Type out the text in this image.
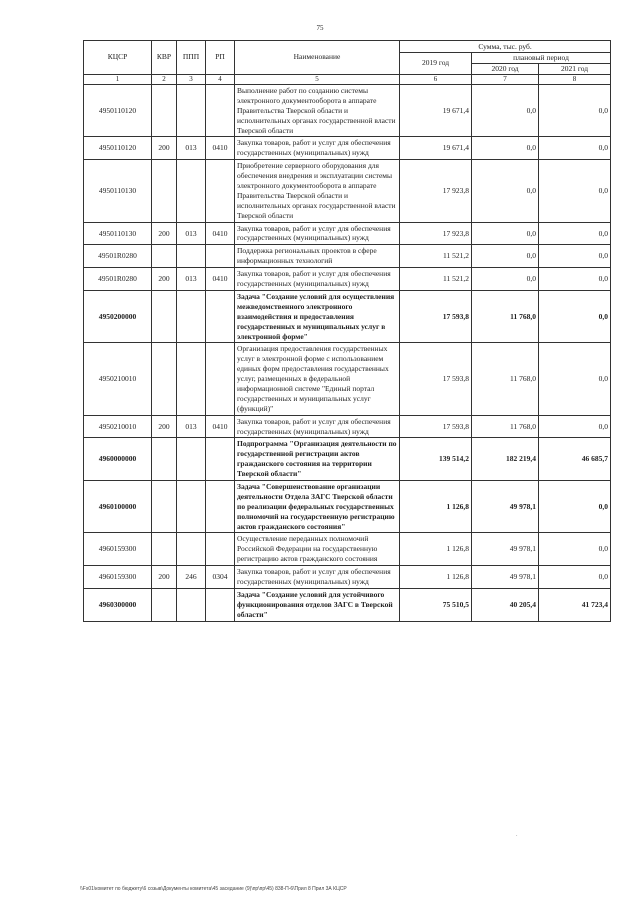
75
КЦСР	КВР	ППП	РП	Наименование	Сумма, тыс. руб.		
					2019 год	плановый период	
						2020 год	2021 год
1	2	3	4	5	6	7	8
4950110120				Выполнение работ по созданию системы электронного документооборота в аппарате Правительства Тверской области и исполнительных органах государственной власти Тверской области	19 671,4	0,0	0,0
4950110120	200	013	0410	Закупка товаров, работ и услуг для обеспечения государственных (муниципальных) нужд	19 671,4	0,0	0,0
4950110130				Приобретение серверного оборудования для обеспечения внедрения и эксплуатации системы электронного документооборота в аппарате Правительства Тверской области и исполнительных органах государственной власти Тверской области	17 923,8	0,0	0,0
4950110130	200	013	0410	Закупка товаров, работ и услуг для обеспечения государственных (муниципальных) нужд	17 923,8	0,0	0,0
49501R0280				Поддержка региональных проектов в сфере информационных технологий	11 521,2	0,0	0,0
49501R0280	200	013	0410	Закупка товаров, работ и услуг для обеспечения государственных (муниципальных) нужд	11 521,2	0,0	0,0
4950200000				Задача "Создание условий для осуществления межведомственного электронного взаимодействия и предоставления государственных и муниципальных услуг в электронной форме"	17 593,8	11 768,0	0,0
4950210010				Организация предоставления государственных услуг в электронной форме с использованием единых форм предоставления государственных услуг, размещенных в федеральной информационной системе "Единый портал государственных и муниципальных услуг (функций)"	17 593,8	11 768,0	0,0
4950210010	200	013	0410	Закупка товаров, работ и услуг для обеспечения государственных (муниципальных) нужд	17 593,8	11 768,0	0,0
4960000000				Подпрограмма "Организация деятельности по государственной регистрации актов гражданского состояния на территории Тверской области"	139 514,2	182 219,4	46 685,7
4960100000				Задача "Совершенствование организации деятельности Отдела ЗАГС Тверской области по реализации федеральных государственных полномочий на государственную регистрацию актов гражданского состояния"	1 126,8	49 978,1	0,0
4960159300				Осуществление переданных полномочий Российской Федерации на государственную регистрацию актов гражданского состояния	1 126,8	49 978,1	0,0
4960159300	200	246	0304	Закупка товаров, работ и услуг для обеспечения государственных (муниципальных) нужд	1 126,8	49 978,1	0,0
4960300000				Задача "Создание условий для устойчивого функционирования отделов ЗАГС в Тверской области"	75 510,5	40 205,4	41 723,4
.
\\Fs01\комитет по бюджету\6 созыв\Документы комитета\45 заседание (9)\пр\пр\45) 838-П-6\Прил 8 Прил 3А КЦСР
